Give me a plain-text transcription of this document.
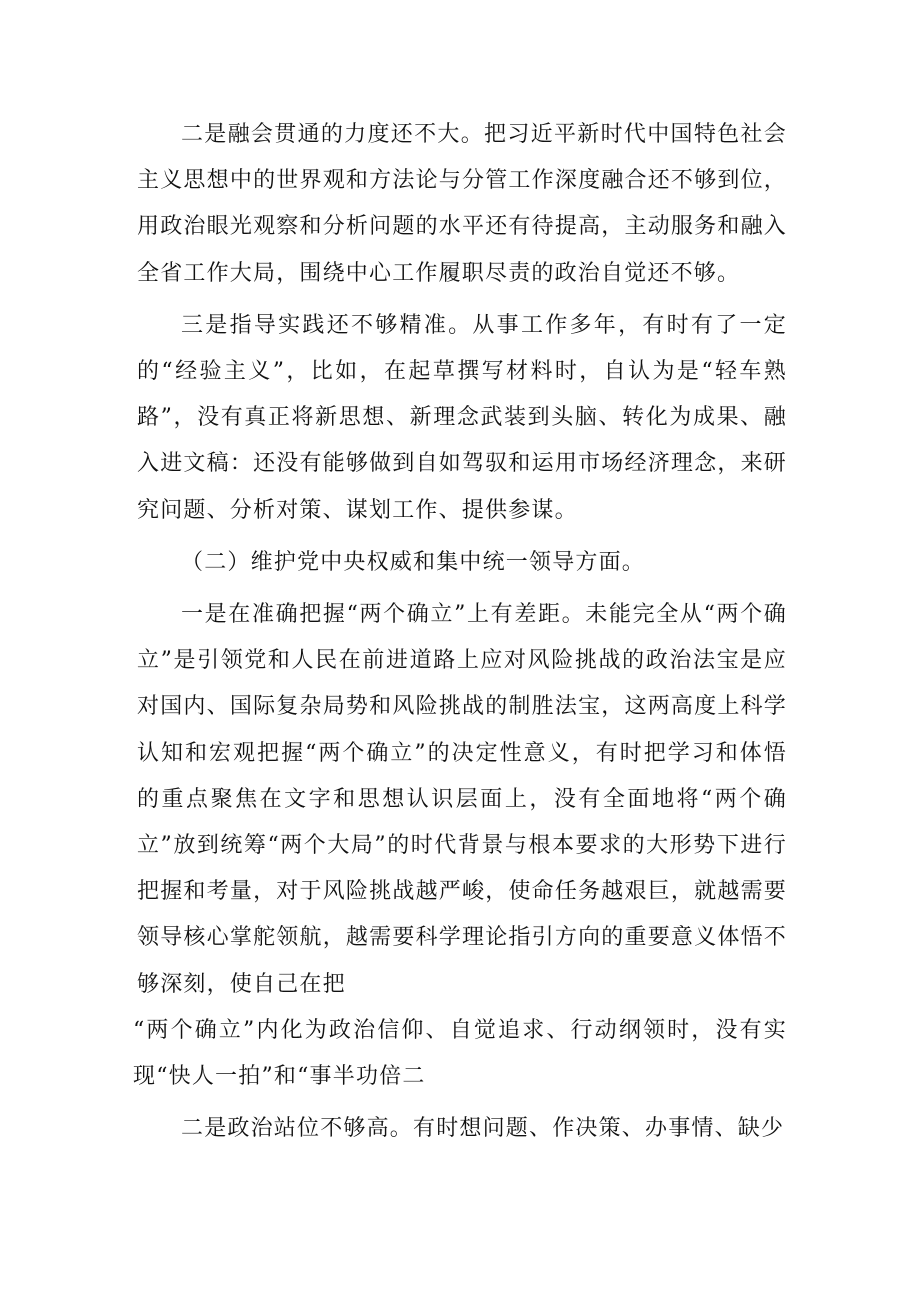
二是融会贯通的力度还不大。把习近平新时代中国特色社会主义思想中的世界观和方法论与分管工作深度融合还不够到位，用政治眼光观察和分析问题的水平还有待提高，主动服务和融入全省工作大局，围绕中心工作履职尽责的政治自觉还不够。

三是指导实践还不够精准。从事工作多年，有时有了一定的“经验主义”，比如，在起草撰写材料时，自认为是“轻车熟路”，没有真正将新思想、新理念武装到头脑、转化为成果、融入进文稿：还没有能够做到自如驾驭和运用市场经济理念，来研究问题、分析对策、谋划工作、提供参谋。

（二）维护党中央权威和集中统一领导方面。

一是在准确把握“两个确立”上有差距。未能完全从“两个确立”是引领党和人民在前进道路上应对风险挑战的政治法宝是应对国内、国际复杂局势和风险挑战的制胜法宝，这两高度上科学认知和宏观把握“两个确立”的决定性意义，有时把学习和体悟的重点聚焦在文字和思想认识层面上，没有全面地将“两个确立”放到统筹“两个大局”的时代背景与根本要求的大形势下进行把握和考量，对于风险挑战越严峻，使命任务越艰巨，就越需要领导核心掌舵领航，越需要科学理论指引方向的重要意义体悟不够深刻，使自己在把

“两个确立”内化为政治信仰、自觉追求、行动纲领时，没有实现“快人一拍”和“事半功倍二

二是政治站位不够高。有时想问题、作决策、办事情、缺少
